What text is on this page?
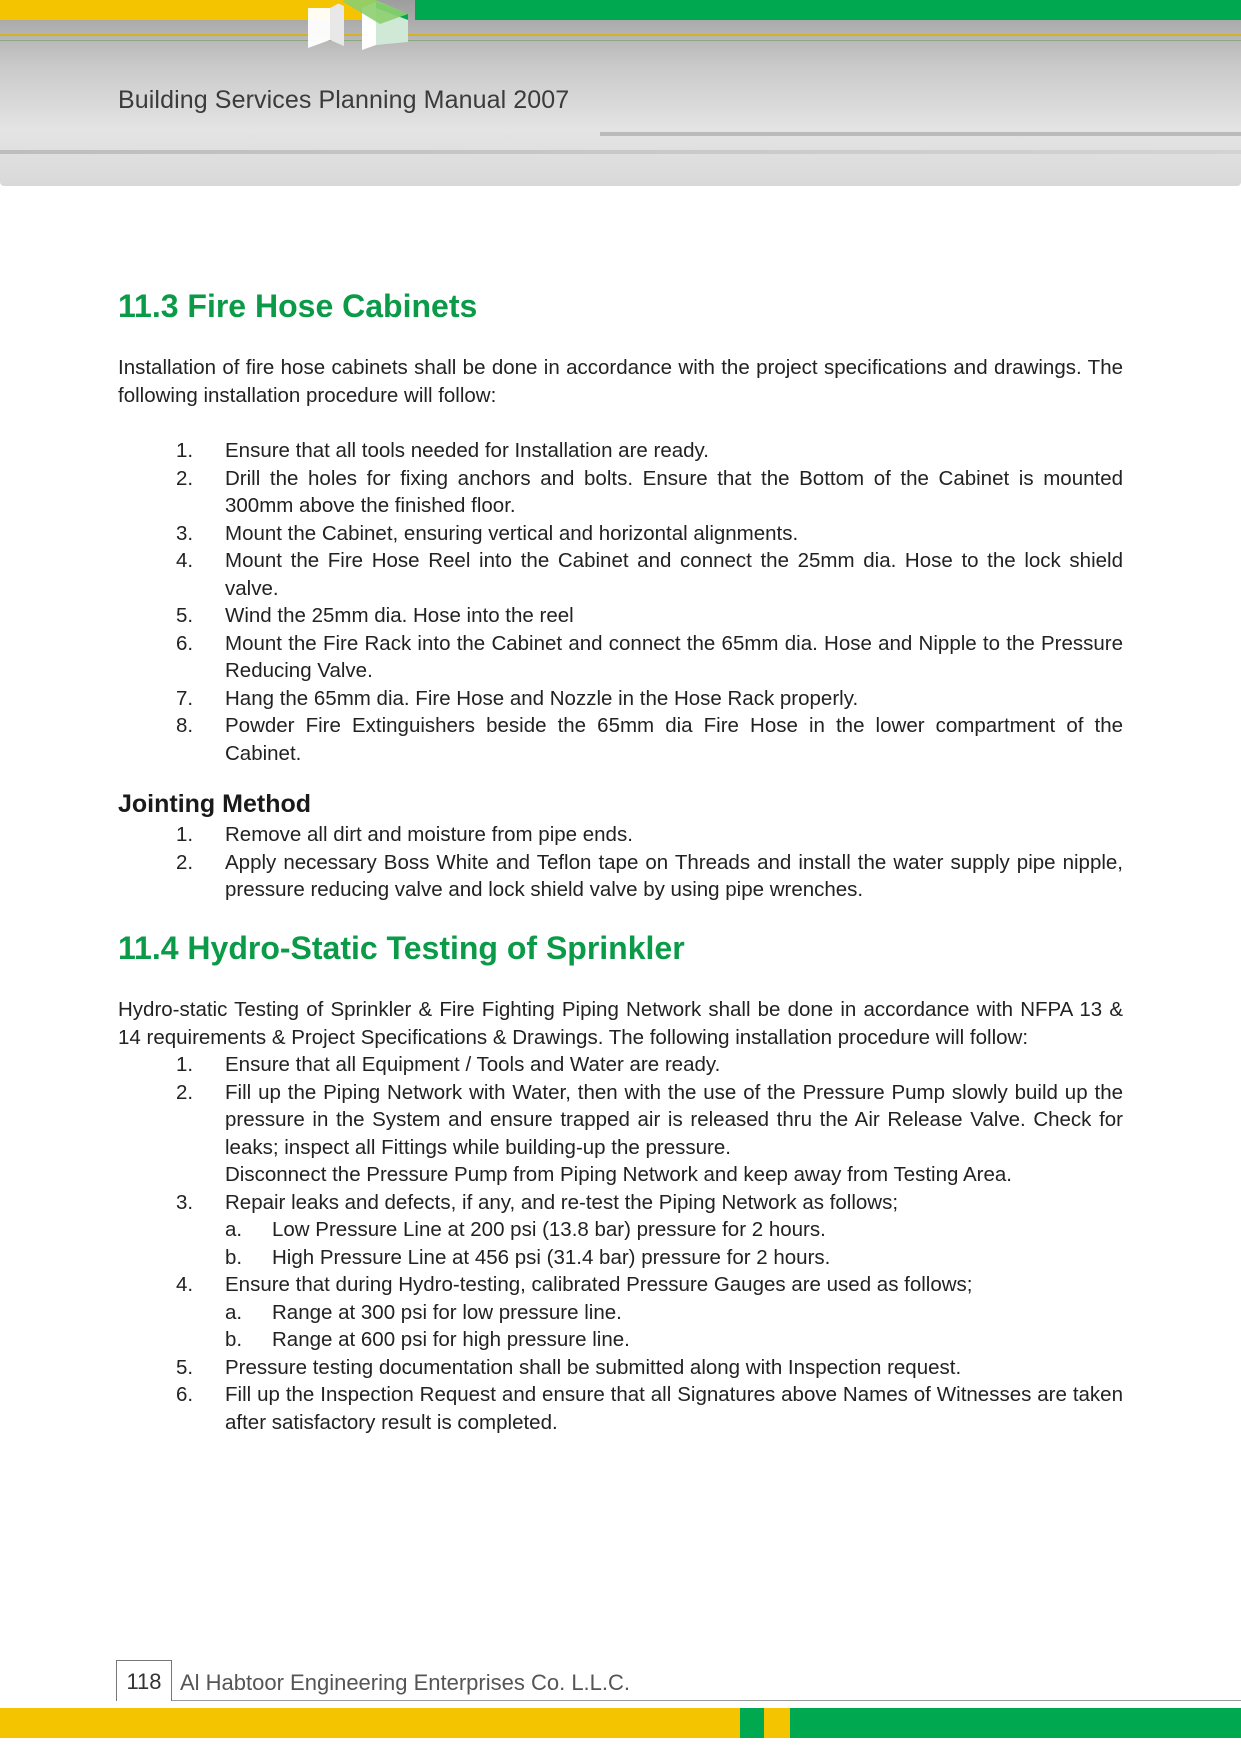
Building Services Planning Manual 2007
11.3 Fire Hose Cabinets

Installation of fire hose cabinets shall be done in accordance with the project specifications and drawings. The following installation procedure will follow:

1.	Ensure that all tools needed for Installation are ready.
2.	Drill the holes for fixing anchors and bolts. Ensure that the Bottom of the Cabinet is mounted 300mm above the finished floor.
3.	Mount the Cabinet, ensuring vertical and horizontal alignments.
4.	Mount the Fire Hose Reel into the Cabinet and connect the 25mm dia. Hose to the lock shield valve.
5.	Wind the 25mm dia. Hose into the reel
6.	Mount the Fire Rack into the Cabinet and connect the 65mm dia. Hose and Nipple to the Pressure Reducing Valve.
7.	Hang the 65mm dia. Fire Hose and Nozzle in the Hose Rack properly.
8.	Powder Fire Extinguishers beside the 65mm dia Fire Hose in the lower compartment of the Cabinet.
Jointing Method
1.	Remove all dirt and moisture from pipe ends.
2.	Apply necessary Boss White and Teflon tape on Threads and install the water supply pipe nipple, pressure reducing valve and lock shield valve by using pipe wrenches.
11.4 Hydro-Static Testing of Sprinkler

Hydro-static Testing of Sprinkler & Fire Fighting Piping Network shall be done in accordance with NFPA 13 & 14 requirements & Project Specifications & Drawings. The following installation procedure will follow:

1.	Ensure that all Equipment / Tools and Water are ready.
2.	Fill up the Piping Network with Water, then with the use of the Pressure Pump slowly build up the pressure in the System and ensure trapped air is released thru the Air Release Valve. Check for leaks; inspect all Fittings while building-up the pressure.
Disconnect the Pressure Pump from Piping Network and keep away from Testing Area.
3.	Repair leaks and defects, if any, and re-test the Piping Network as follows;
a. Low Pressure Line at 200 psi (13.8 bar) pressure for 2 hours.
b. High Pressure Line at 456 psi (31.4 bar) pressure for 2 hours.
4.	Ensure that during Hydro-testing, calibrated Pressure Gauges are used as follows;
a. Range at 300 psi for low pressure line.
b. Range at 600 psi for high pressure line.
5.	Pressure testing documentation shall be submitted along with Inspection request.
6.	Fill up the Inspection Request and ensure that all Signatures above Names of Witnesses are taken after satisfactory result is completed.
118 Al Habtoor Engineering Enterprises Co. L.L.C.
